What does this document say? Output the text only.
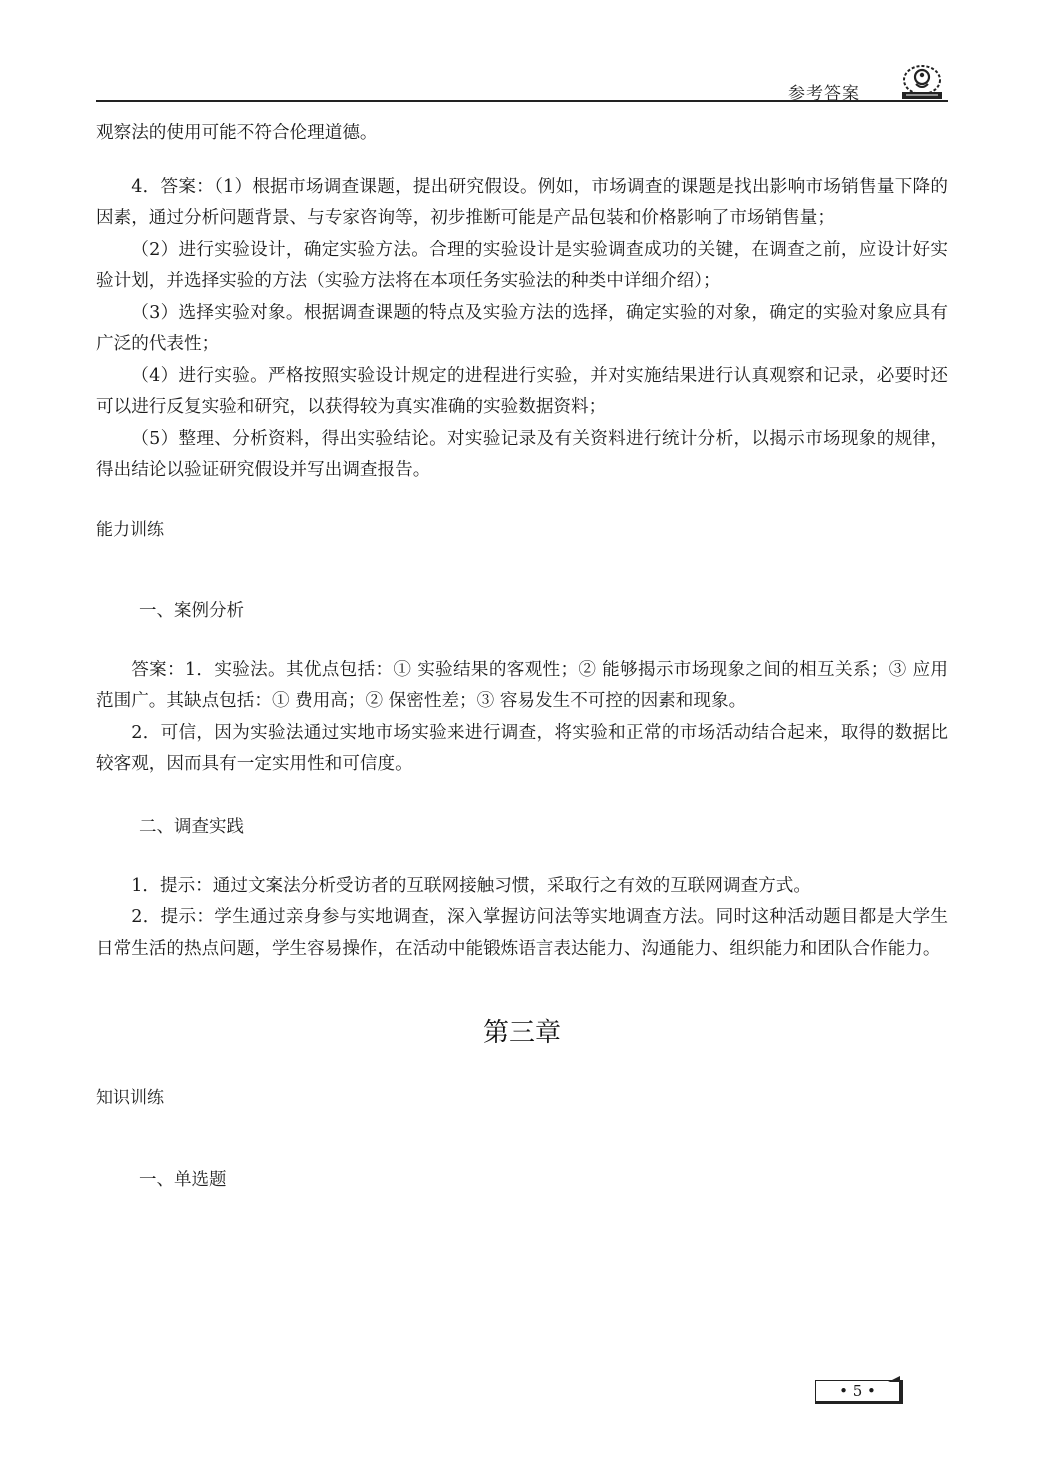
参考答案

观察法的使用可能不符合伦理道德。

4．答案：（1）根据市场调查课题，提出研究假设。例如，市场调查的课题是找出影响市场销售量下降的因素，通过分析问题背景、与专家咨询等，初步推断可能是产品包装和价格影响了市场销售量；

（2）进行实验设计，确定实验方法。合理的实验设计是实验调查成功的关键，在调查之前，应设计好实验计划，并选择实验的方法（实验方法将在本项任务实验法的种类中详细介绍）；

（3）选择实验对象。根据调查课题的特点及实验方法的选择，确定实验的对象，确定的实验对象应具有广泛的代表性；

（4）进行实验。严格按照实验设计规定的进程进行实验，并对实施结果进行认真观察和记录，必要时还可以进行反复实验和研究，以获得较为真实准确的实验数据资料；

（5）整理、分析资料，得出实验结论。对实验记录及有关资料进行统计分析，以揭示市场现象的规律，得出结论以验证研究假设并写出调查报告。

能力训练

一、案例分析

答案：1．实验法。其优点包括：① 实验结果的客观性；② 能够揭示市场现象之间的相互关系；③ 应用范围广。其缺点包括：① 费用高；② 保密性差；③ 容易发生不可控的因素和现象。

2．可信，因为实验法通过实地市场实验来进行调查，将实验和正常的市场活动结合起来，取得的数据比较客观，因而具有一定实用性和可信度。

二、调查实践

1．提示：通过文案法分析受访者的互联网接触习惯，采取行之有效的互联网调查方式。

2．提示：学生通过亲身参与实地调查，深入掌握访问法等实地调查方法。同时这种活动题目都是大学生日常生活的热点问题，学生容易操作，在活动中能锻炼语言表达能力、沟通能力、组织能力和团队合作能力。

第三章

知识训练

一、单选题

• 5 •
